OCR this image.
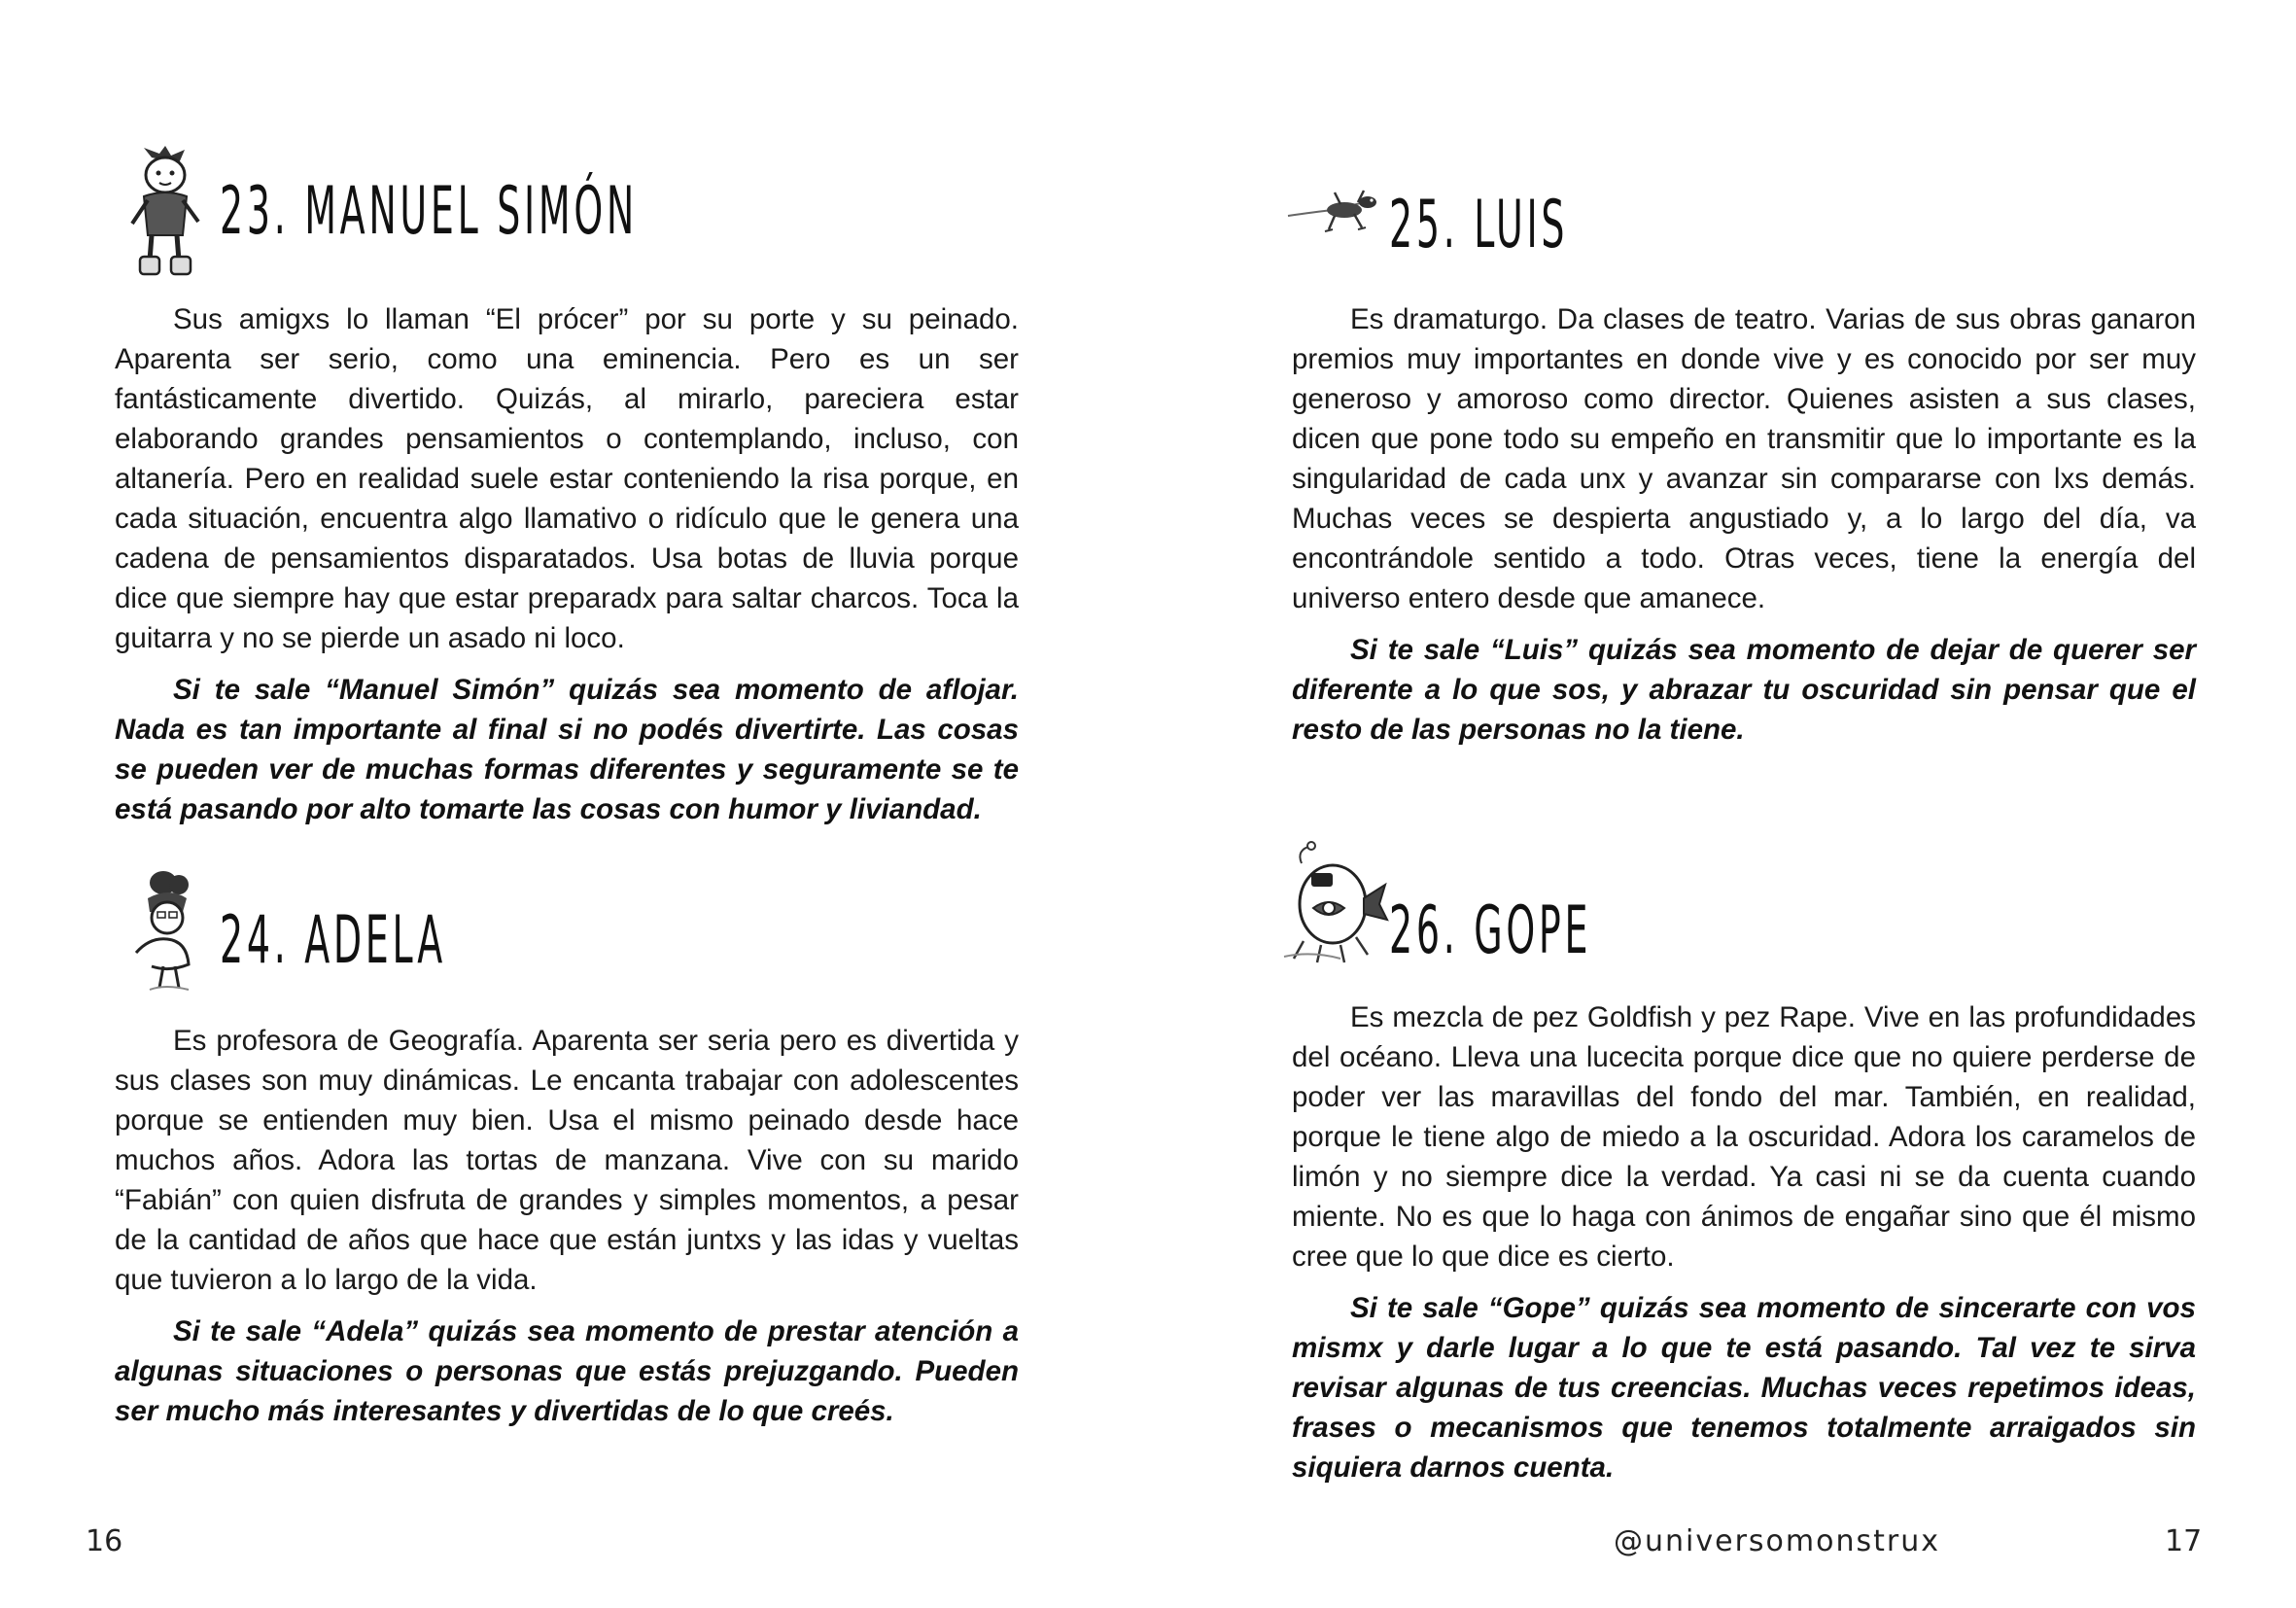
23. MANUEL SIMÓN

Sus amigxs lo llaman “El prócer” por su porte y su peinado. Aparenta ser serio, como una eminencia. Pero es un ser fantásticamente divertido. Quizás, al mirarlo, pareciera estar elaborando grandes pensamientos o contemplando, incluso, con altanería. Pero en realidad suele estar conteniendo la risa porque, en cada situación, encuentra algo llamativo o ridículo que le genera una cadena de pensamientos disparatados. Usa botas de lluvia porque dice que siempre hay que estar preparadx para saltar charcos. Toca la guitarra y no se pierde un asado ni loco.

Si te sale “Manuel Simón” quizás sea momento de aflojar. Nada es tan importante al final si no podés divertirte. Las cosas se pueden ver de muchas formas diferentes y seguramente se te está pasando por alto tomarte las cosas con humor y liviandad.

24. ADELA

Es profesora de Geografía. Aparenta ser seria pero es divertida y sus clases son muy dinámicas. Le encanta trabajar con adolescentes porque se entienden muy bien. Usa el mismo peinado desde hace muchos años. Adora las tortas de manzana. Vive con su marido “Fabián” con quien disfruta de grandes y simples momentos, a pesar de la cantidad de años que hace que están juntxs y las idas y vueltas que tuvieron a lo largo de la vida.

Si te sale “Adela” quizás sea momento de prestar atención a algunas situaciones o personas que estás prejuzgando. Pueden ser mucho más interesantes y divertidas de lo que creés.

16
25. LUIS

Es dramaturgo. Da clases de teatro. Varias de sus obras ganaron premios muy importantes en donde vive y es conocido por ser muy generoso y amoroso como director. Quienes asisten a sus clases, dicen que pone todo su empeño en transmitir que lo importante es la singularidad de cada unx y avanzar sin compararse con lxs demás. Muchas veces se despierta angustiado y, a lo largo del día, va encontrándole sentido a todo. Otras veces, tiene la energía del universo entero desde que amanece.

Si te sale “Luis” quizás sea momento de dejar de querer ser diferente a lo que sos, y abrazar tu oscuridad sin pensar que el resto de las personas no la tiene.

26. GOPE

Es mezcla de pez Goldfish y pez Rape. Vive en las profundidades del océano. Lleva una lucecita porque dice que no quiere perderse de poder ver las maravillas del fondo del mar. También, en realidad, porque le tiene algo de miedo a la oscuridad. Adora los caramelos de limón y no siempre dice la verdad. Ya casi ni se da cuenta cuando miente. No es que lo haga con ánimos de engañar sino que él mismo cree que lo que dice es cierto.

Si te sale “Gope” quizás sea momento de sincerarte con vos mismx y darle lugar a lo que te está pasando. Tal vez te sirva revisar algunas de tus creencias. Muchas veces repetimos ideas, frases o mecanismos que tenemos totalmente arraigados sin siquiera darnos cuenta.

@universomonstrux	17
